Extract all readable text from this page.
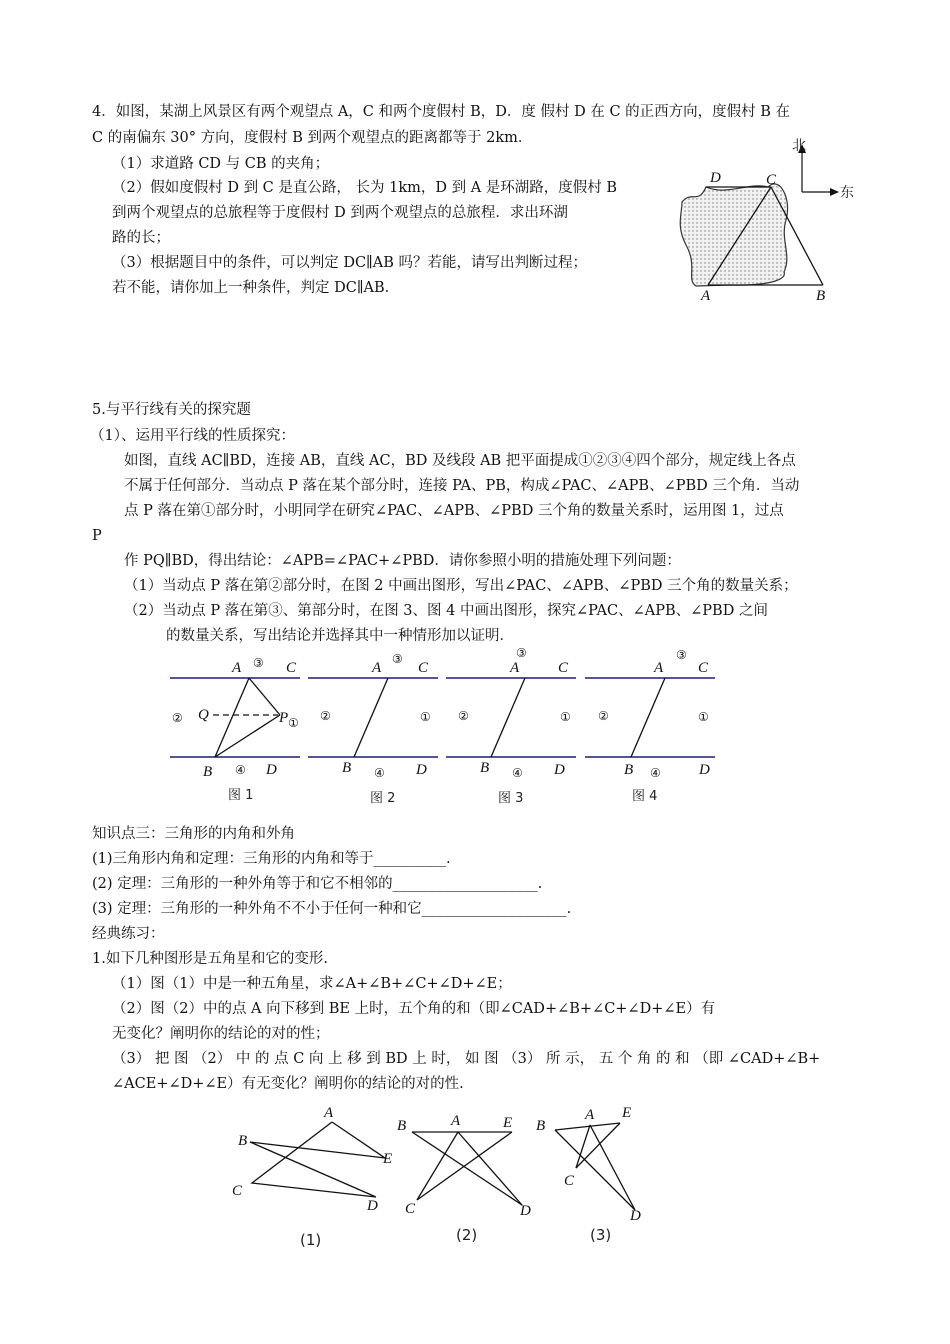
4．如图，某湖上风景区有两个观望点 A，C 和两个度假村 B，D．度 假村 D 在 C 的正西方向，度假村 B 在
C 的南偏东 30° 方向，度假村 B 到两个观望点的距离都等于 2km．
（1）求道路 CD 与 CB 的夹角；
（2）假如度假村 D 到 C 是直公路， 长为 1km，D 到 A 是环湖路，度假村 B
到两个观望点的总旅程等于度假村 D 到两个观望点的总旅程．求出环湖
路的长；
（3）根据题目中的条件，可以判定 DC∥AB 吗？若能，请写出判断过程；
若不能，请你加上一种条件，判定 DC∥AB．
北
东
D	C
A	B
5.与平行线有关的探究题
（1）、运用平行线的性质探究：
如图，直线 AC∥BD，连接 AB，直线 AC，BD 及线段 AB 把平面提成①②③④四个部分，规定线上各点
不属于任何部分．当动点 P 落在某个部分时，连接 PA、PB，构成∠PAC、∠APB、∠PBD 三个角．当动
点 P 落在第①部分时，小明同学在研究∠PAC、∠APB、∠PBD 三个角的数量关系时，运用图 1，过点
P
作 PQ∥BD，得出结论：∠APB=∠PAC+∠PBD．请你参照小明的措施处理下列问题：
（1）当动点 P 落在第②部分时，在图 2 中画出图形，写出∠PAC、∠APB、∠PBD 三个角的数量关系；
（2）当动点 P 落在第③、第部分时，在图 3、图 4 中画出图形，探究∠PAC、∠APB、∠PBD 之间
的数量关系，写出结论并选择其中一种情形加以证明．
A ③ C
② Q	P ①
B ④ D
图 1
A
③
C
②	①
B ④ D
图 2
A
③
C
②	①
B ④ D
图 3
A
③
C
②	①
B ④	D
图 4
知识点三：三角形的内角和外角
(1)三角形内角和定理：三角形的内角和等于__________.
(2) 定理：三角形的一种外角等于和它不相邻的____________________.
(3) 定理：三角形的一种外角不不小于任何一种和它____________________.
经典练习：
1.如下几种图形是五角星和它的变形.
（1）图（1）中是一种五角星，求∠A+∠B+∠C+∠D+∠E；
（2）图（2）中的点 A 向下移到 BE 上时，五个角的和（即∠CAD+∠B+∠C+∠D+∠E）有
无变化？阐明你的结论的对的性；
（3） 把 图 （2） 中 的 点 C 向 上 移 到 BD 上 时， 如 图 （3） 所 示， 五 个 角 的 和 （即 ∠CAD+∠B+
∠ACE+∠D+∠E）有无变化？阐明你的结论的对的性.
A
B
C
D
E
(1)
A
B	E
C	D
(2)
A
B
E
C
D
(3)
